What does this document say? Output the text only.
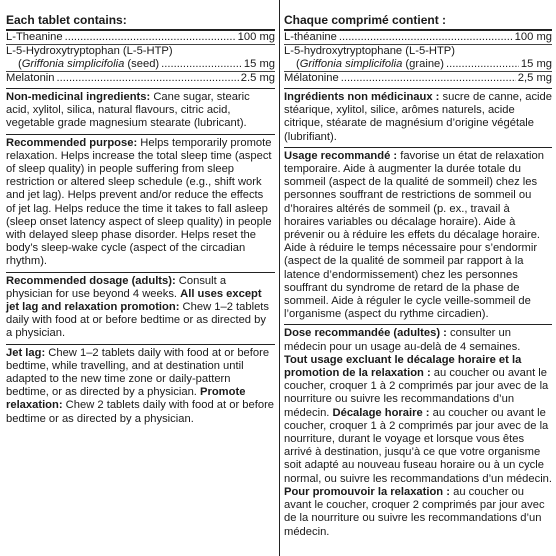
Each tablet contains:
L-Theanine .....	100 mg
L-5-Hydroxytryptophan (L-5-HTP)
(Griffonia simplicifolia (seed) .....	15 mg
Melatonin .....	2.5 mg

Non-medicinal ingredients: Cane sugar, stearic acid, xylitol, silica, natural flavours, citric acid, vegetable grade magnesium stearate (lubricant).

Recommended purpose: Helps temporarily promote relaxation. Helps increase the total sleep time (aspect of sleep quality) in people suffering from sleep restriction or altered sleep schedule (e.g., shift work and jet lag). Helps prevent and/or reduce the effects of jet lag. Helps reduce the time it takes to fall asleep (sleep onset latency aspect of sleep quality) in people with delayed sleep phase disorder. Helps reset the body’s sleep-wake cycle (aspect of the circadian rhythm).

Recommended dosage (adults): Consult a physician for use beyond 4 weeks. All uses except jet lag and relaxation promotion: Chew 1–2 tablets daily with food at or before bedtime or as directed by a physician.

Jet lag: Chew 1–2 tablets daily with food at or before bedtime, while travelling, and at destination until adapted to the new time zone or daily-pattern bedtime, or as directed by a physician. Promote relaxation: Chew 2 tablets daily with food at or before bedtime or as directed by a physician.

Chaque comprimé contient :
L-théanine .....	100 mg
L-5-hydroxytryptophane (L-5-HTP)
(Griffonia simplicifolia (graine) .....	15 mg
Mélatonine .....	2,5 mg

Ingrédients non médicinaux : sucre de canne, acide stéarique, xylitol, silice, arômes naturels, acide citrique, stéarate de magnésium d’origine végétale (lubrifiant).

Usage recommandé : favorise un état de relaxation temporaire. Aide à augmenter la durée totale du sommeil (aspect de la qualité de sommeil) chez les personnes souffrant de restrictions de sommeil ou d’horaires altérés de sommeil (p. ex., travail à horaires variables ou décalage horaire). Aide à prévenir ou à réduire les effets du décalage horaire. Aide à réduire le temps nécessaire pour s’endormir (aspect de la qualité de sommeil par rapport à la latence d’endormissement) chez les personnes souffrant du syndrome de retard de la phase de sommeil. Aide à réguler le cycle veille-sommeil de l’organisme (aspect du rythme circadien).

Dose recommandée (adultes) : consulter un médecin pour un usage au-delà de 4 semaines.

Tout usage excluant le décalage horaire et la promotion de la relaxation : au coucher ou avant le coucher, croquer 1 à 2 comprimés par jour avec de la nourriture ou suivre les recommandations d’un médecin. Décalage horaire : au coucher ou avant le coucher, croquer 1 à 2 comprimés par jour avec de la nourriture, durant le voyage et lorsque vous êtes arrivé à destination, jusqu’à ce que votre organisme soit adapté au nouveau fuseau horaire ou à un cycle normal, ou suivre les recommandations d’un médecin.

Pour promouvoir la relaxation : au coucher ou avant le coucher, croquer 2 comprimés par jour avec de la nourriture ou suivre les recommandations d’un médecin.
